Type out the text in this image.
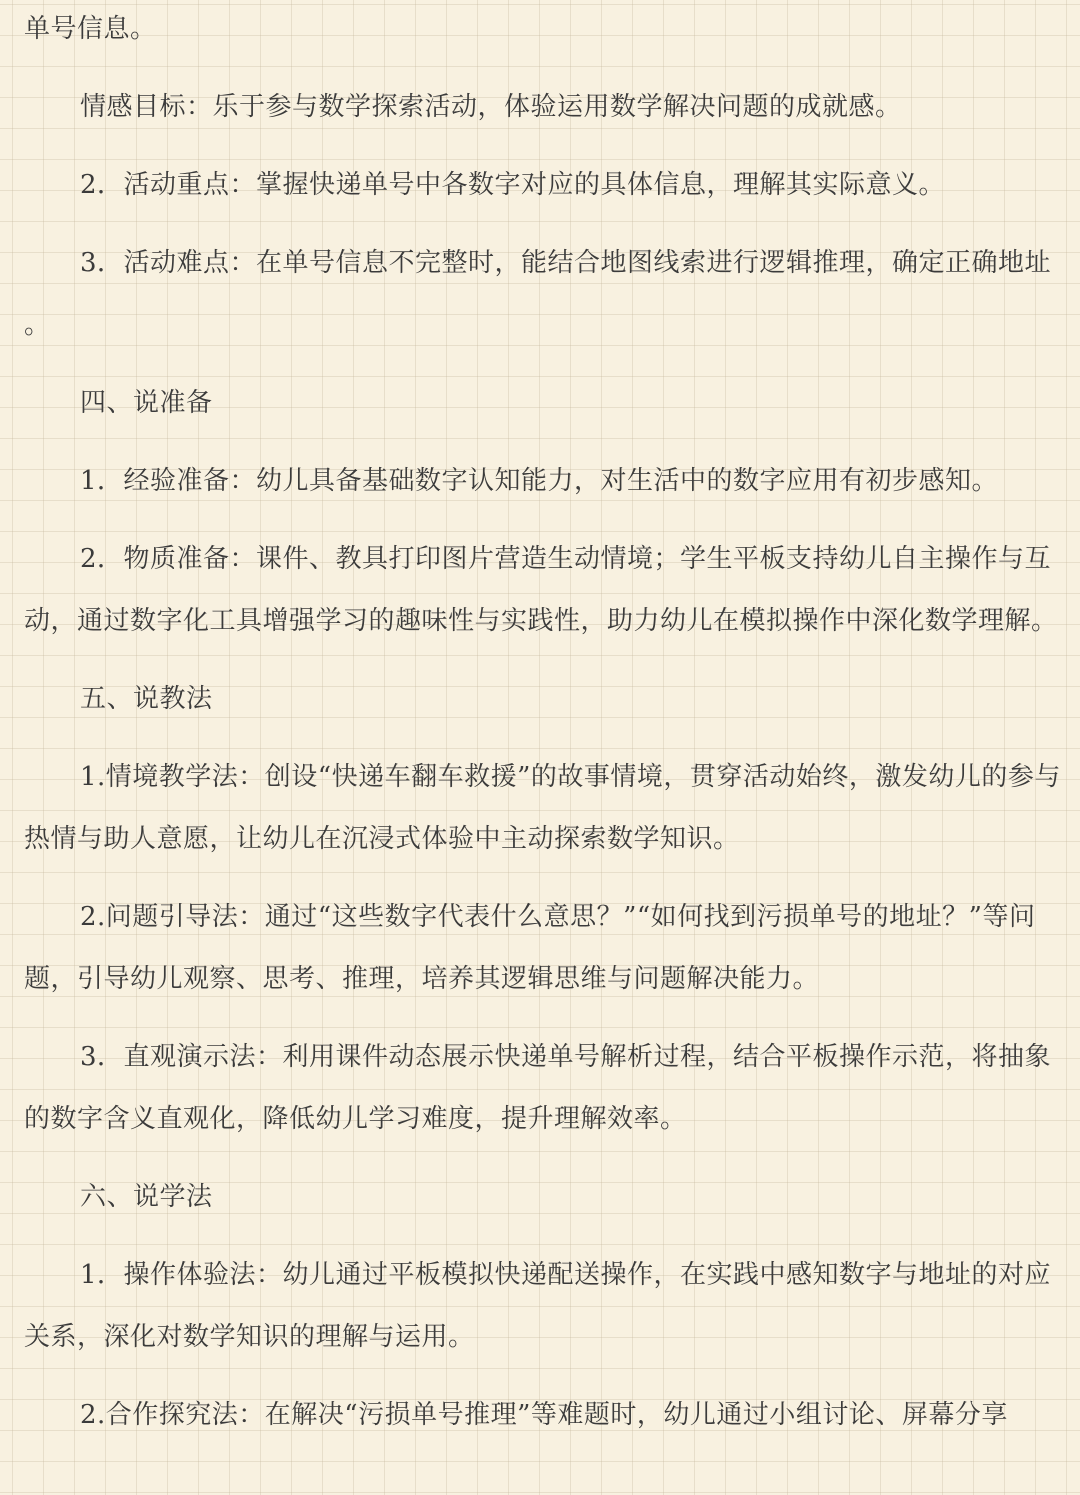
单号信息。

情感目标：乐于参与数学探索活动，体验运用数学解决问题的成就感。

2．活动重点：掌握快递单号中各数字对应的具体信息，理解其实际意义。

3．活动难点：在单号信息不完整时，能结合地图线索进行逻辑推理，确定正确地址 。

四、说准备

1．经验准备：幼儿具备基础数字认知能力，对生活中的数字应用有初步感知。

2．物质准备：课件、教具打印图片营造生动情境；学生平板支持幼儿自主操作与互动，通过数字化工具增强学习的趣味性与实践性，助力幼儿在模拟操作中深化数学理解。

五、说教法

1.情境教学法：创设“快递车翻车救援”的故事情境，贯穿活动始终，激发幼儿的参与热情与助人意愿，让幼儿在沉浸式体验中主动探索数学知识。

2.问题引导法：通过“这些数字代表什么意思？”“如何找到污损单号的地址？”等问题，引导幼儿观察、思考、推理，培养其逻辑思维与问题解决能力。

3．直观演示法：利用课件动态展示快递单号解析过程，结合平板操作示范，将抽象的数字含义直观化，降低幼儿学习难度，提升理解效率。

六、说学法

1．操作体验法：幼儿通过平板模拟快递配送操作，在实践中感知数字与地址的对应关系，深化对数学知识的理解与运用。

2.合作探究法：在解决“污损单号推理”等难题时，幼儿通过小组讨论、屏幕分享
